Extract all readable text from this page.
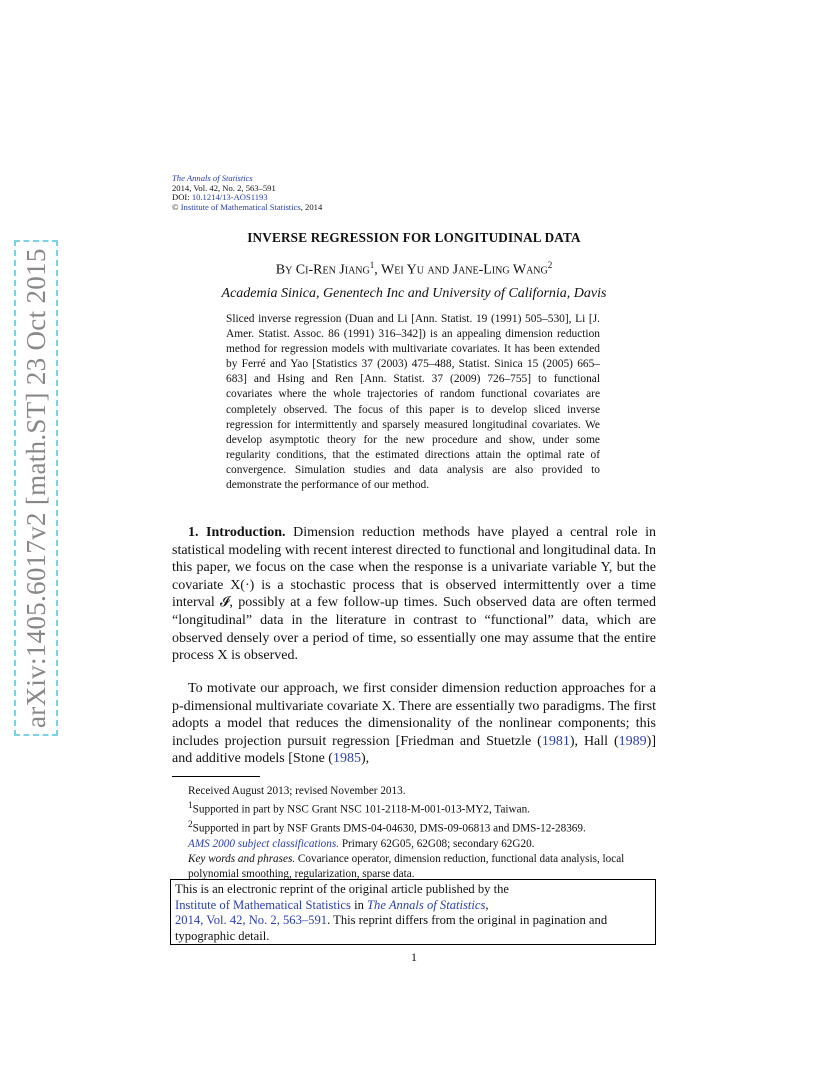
arXiv:1405.6017v2 [math.ST] 23 Oct 2015
The Annals of Statistics
2014, Vol. 42, No. 2, 563–591
DOI: 10.1214/13-AOS1193
© Institute of Mathematical Statistics, 2014
INVERSE REGRESSION FOR LONGITUDINAL DATA
By Ci-Ren Jiang$^1$, Wei Yu and Jane-Ling Wang$^2$
Academia Sinica, Genentech Inc and University of California, Davis
Sliced inverse regression (Duan and Li [Ann. Statist. 19 (1991) 505–530], Li [J. Amer. Statist. Assoc. 86 (1991) 316–342]) is an appealing dimension reduction method for regression models with multivariate covariates. It has been extended by Ferré and Yao [Statistics 37 (2003) 475–488, Statist. Sinica 15 (2005) 665–683] and Hsing and Ren [Ann. Statist. 37 (2009) 726–755] to functional covariates where the whole trajectories of random functional covariates are completely observed. The focus of this paper is to develop sliced inverse regression for intermittently and sparsely measured longitudinal covariates. We develop asymptotic theory for the new procedure and show, under some regularity conditions, that the estimated directions attain the optimal rate of convergence. Simulation studies and data analysis are also provided to demonstrate the performance of our method.
1. Introduction. Dimension reduction methods have played a central role in statistical modeling with recent interest directed to functional and longitudinal data. In this paper, we focus on the case when the response is a univariate variable Y, but the covariate X(·) is a stochastic process that is observed intermittently over a time interval 𝓘, possibly at a few follow-up times. Such observed data are often termed “longitudinal” data in the literature in contrast to “functional” data, which are observed densely over a period of time, so essentially one may assume that the entire process X is observed.
To motivate our approach, we first consider dimension reduction approaches for a p-dimensional multivariate covariate X. There are essentially two paradigms. The first adopts a model that reduces the dimensionality of the nonlinear components; this includes projection pursuit regression [Friedman and Stuetzle (1981), Hall (1989)] and additive models [Stone (1985),
Received August 2013; revised November 2013.
$^1$Supported in part by NSC Grant NSC 101-2118-M-001-013-MY2, Taiwan.
$^2$Supported in part by NSF Grants DMS-04-04630, DMS-09-06813 and DMS-12-28369.
AMS 2000 subject classifications. Primary 62G05, 62G08; secondary 62G20.
Key words and phrases. Covariance operator, dimension reduction, functional data analysis, local polynomial smoothing, regularization, sparse data.
This is an electronic reprint of the original article published by the
Institute of Mathematical Statistics in The Annals of Statistics,
2014, Vol. 42, No. 2, 563–591. This reprint differs from the original in pagination and typographic detail.
1
